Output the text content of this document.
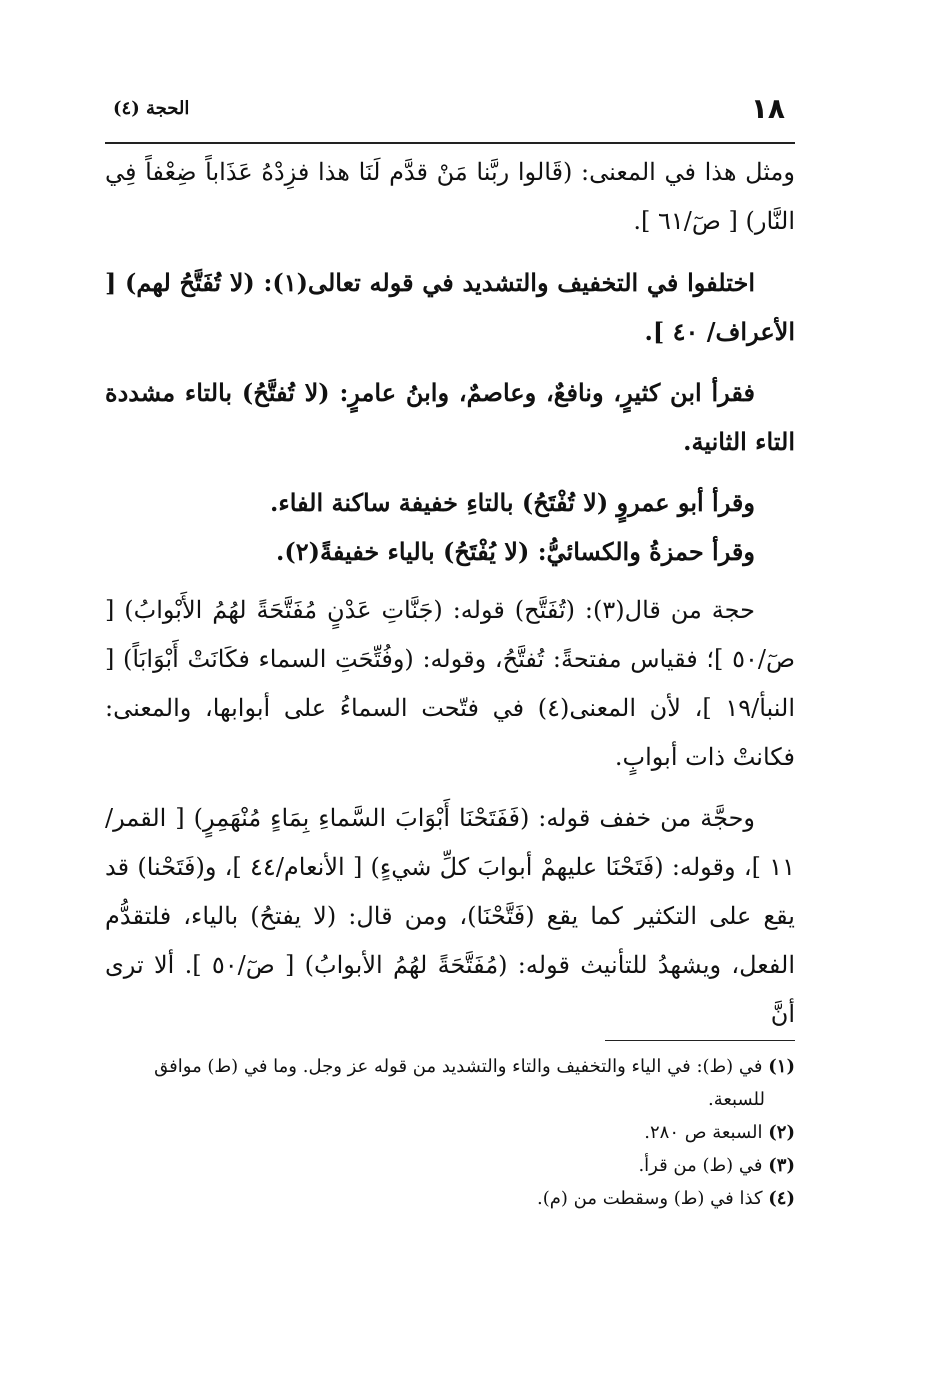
١٨
الحجة (٤)

ومثل هذا في المعنى: (قَالوا ربَّنا مَنْ قدَّم لَنَا هذا فزِدْهُ عَذَاباً ضِعْفاً فِي النَّار) [ صٓ/٦١ ].

اختلفوا في التخفيف والتشديد في قوله تعالى(١): (لا تُفَتَّحُ لهم) [ الأعراف/ ٤٠ ].

فقرأ ابن كثيرٍ، ونافعٌ، وعاصمٌ، وابنُ عامرٍ: (لا تُفتَّحُ) بالتاء مشددة التاء الثانية.

وقرأ أبو عمروٍ (لا تُفْتَحُ) بالتاءِ خفيفة ساكنة الفاء.

وقرأ حمزةُ والكسائيُّ: (لا يُفْتَحُ) بالياء خفيفةً(٢).

حجة من قال(٣): (تُفَتَّح) قوله: (جَنَّاتِ عَدْنٍ مُفَتَّحَةً لهُمُ الأَبْوابُ) [ صٓ/٥٠ ]؛ فقياس مفتحةً: تُفتَّحُ، وقوله: (وفُتِّحَتِ السماء فكَانَتْ أَبْوَابَاً) [ النبأ/١٩ ]، لأن المعنى(٤) في فتّحت السماءُ على أبوابها، والمعنى: فكانتْ ذات أبوابٍ.

وحجَّة من خفف قوله: (فَفَتَحْنَا أَبْوَابَ السَّماءِ بِمَاءٍ مُنْهَمِرٍ) [ القمر/١١ ]، وقوله: (فَتَحْنَا عليهمْ أبوابَ كلِّ شيءٍ) [ الأنعام/٤٤ ]، و(فَتَحْنا) قد يقع على التكثير كما يقع (فَتَّحْنَا)، ومن قال: (لا يفتحُ) بالياء، فلتقدُّم الفعل، ويشهدُ للتأنيث قوله: (مُفَتَّحَةً لهُمُ الأبوابُ) [ صٓ/٥٠ ]. ألا ترى أنَّ

(١) في (ط): في الياء والتخفيف والتاء والتشديد من قوله عز وجل. وما في (ط) موافق للسبعة.

(٢) السبعة ص ٢٨٠.

(٣) في (ط) من قرأ.

(٤) كذا في (ط) وسقطت من (م).
